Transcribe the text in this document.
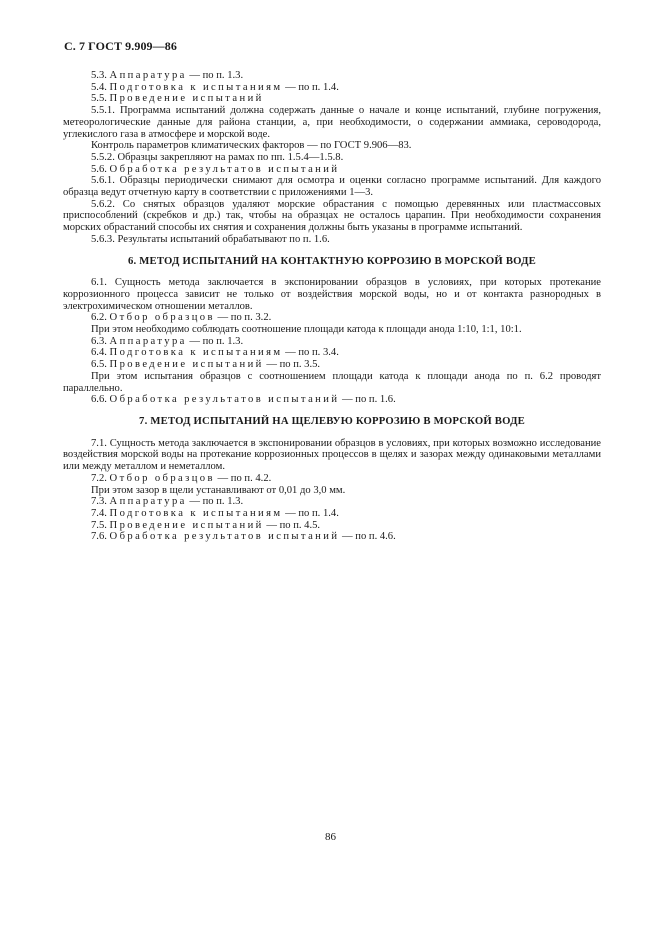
С. 7 ГОСТ 9.909—86

5.3. Аппаратура — по п. 1.3.

5.4. Подготовка к испытаниям — по п. 1.4.

5.5. Проведение испытаний

5.5.1. Программа испытаний должна содержать данные о начале и конце испытаний, глубине погружения, метеорологические данные для района станции, а, при необходимости, о содержании аммиака, сероводорода, углекислого газа в атмосфере и морской воде.

Контроль параметров климатических факторов — по ГОСТ 9.906—83.

5.5.2. Образцы закрепляют на рамах по пп. 1.5.4—1.5.8.

5.6. Обработка результатов испытаний

5.6.1. Образцы периодически снимают для осмотра и оценки согласно программе испытаний. Для каждого образца ведут отчетную карту в соответствии с приложениями 1—3.

5.6.2. Со снятых образцов удаляют морские обрастания с помощью деревянных или пластмассовых приспособлений (скребков и др.) так, чтобы на образцах не осталось царапин. При необходимости сохранения морских обрастаний способы их снятия и сохранения должны быть указаны в программе испытаний.

5.6.3. Результаты испытаний обрабатывают по п. 1.6.

6. МЕТОД ИСПЫТАНИЙ НА КОНТАКТНУЮ КОРРОЗИЮ В МОРСКОЙ ВОДЕ

6.1. Сущность метода заключается в экспонировании образцов в условиях, при которых протекание коррозионного процесса зависит не только от воздействия морской воды, но и от контакта разнородных в электрохимическом отношении металлов.

6.2. Отбор образцов — по п. 3.2.

При этом необходимо соблюдать соотношение площади катода к площади анода 1:10, 1:1, 10:1.

6.3. Аппаратура — по п. 1.3.

6.4. Подготовка к испытаниям — по п. 3.4.

6.5. Проведение испытаний — по п. 3.5.

При этом испытания образцов с соотношением площади катода к площади анода по п. 6.2 проводят параллельно.

6.6. Обработка результатов испытаний — по п. 1.6.

7. МЕТОД ИСПЫТАНИЙ НА ЩЕЛЕВУЮ КОРРОЗИЮ В МОРСКОЙ ВОДЕ

7.1. Сущность метода заключается в экспонировании образцов в условиях, при которых возможно исследование воздействия морской воды на протекание коррозионных процессов в щелях и зазорах между одинаковыми металлами или между металлом и неметаллом.

7.2. Отбор образцов — по п. 4.2.

При этом зазор в щели устанавливают от 0,01 до 3,0 мм.

7.3. Аппаратура — по п. 1.3.

7.4. Подготовка к испытаниям — по п. 1.4.

7.5. Проведение испытаний — по п. 4.5.

7.6. Обработка результатов испытаний — по п. 4.6.

86
